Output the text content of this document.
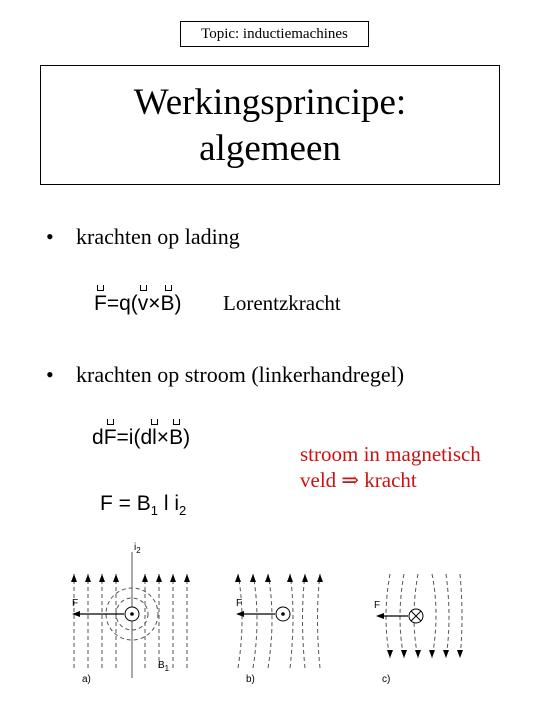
Topic: inductiemachines
Werkingsprincipe:
algemeen
• krachten op lading
F=q(v×B) Lorentzkracht
• krachten op stroom (linkerhandregel)
dF=i(dl×B)
$F = B_1$ l $i_2$
stroom in magnetisch
veld ⇒ kracht
F
$i_2$
$B_1$
a)
F
b)
F
c)
